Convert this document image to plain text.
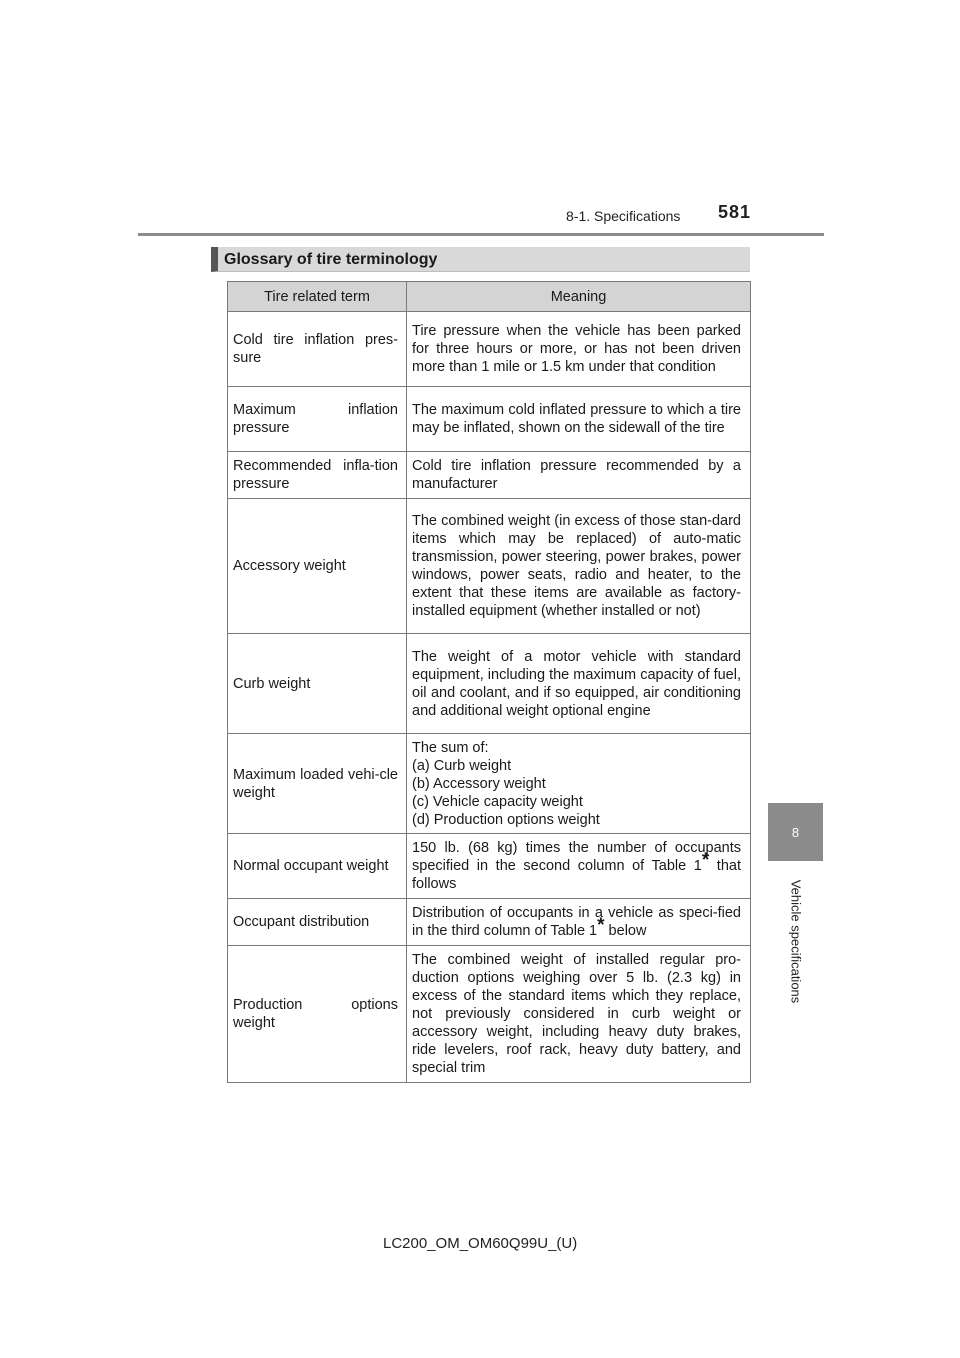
8-1. Specifications 581
8
Vehicle specifications
Glossary of tire terminology
Tire related term	Meaning
Cold tire inflation pres-sure	Tire pressure when the vehicle has been parked for three hours or more, or has not been driven more than 1 mile or 1.5 km under that condition
Maximum inflation pressure	The maximum cold inflated pressure to which a tire may be inflated, shown on the sidewall of the tire
Recommended infla-tion pressure	Cold tire inflation pressure recommended by a manufacturer
Accessory weight	The combined weight (in excess of those stan-dard items which may be replaced) of auto-matic transmission, power steering, power brakes, power windows, power seats, radio and heater, to the extent that these items are available as factory-installed equipment (whether installed or not)
Curb weight	The weight of a motor vehicle with standard equipment, including the maximum capacity of fuel, oil and coolant, and if so equipped, air conditioning and additional weight optional engine
Maximum loaded vehi-cle weight	The sum of:
(a) Curb weight
(b) Accessory weight
(c) Vehicle capacity weight
(d) Production options weight

Normal occupant weight	150 lb. (68 kg) times the number of occupants specified in the second column of Table 1* that follows
Occupant distribution	Distribution of occupants in a vehicle as speci-fied in the third column of Table 1* below
Production options weight	The combined weight of installed regular pro-duction options weighing over 5 lb. (2.3 kg) in excess of the standard items which they replace, not previously considered in curb weight or accessory weight, including heavy duty brakes, ride levelers, roof rack, heavy duty battery, and special trim
LC200_OM_OM60Q99U_(U)
